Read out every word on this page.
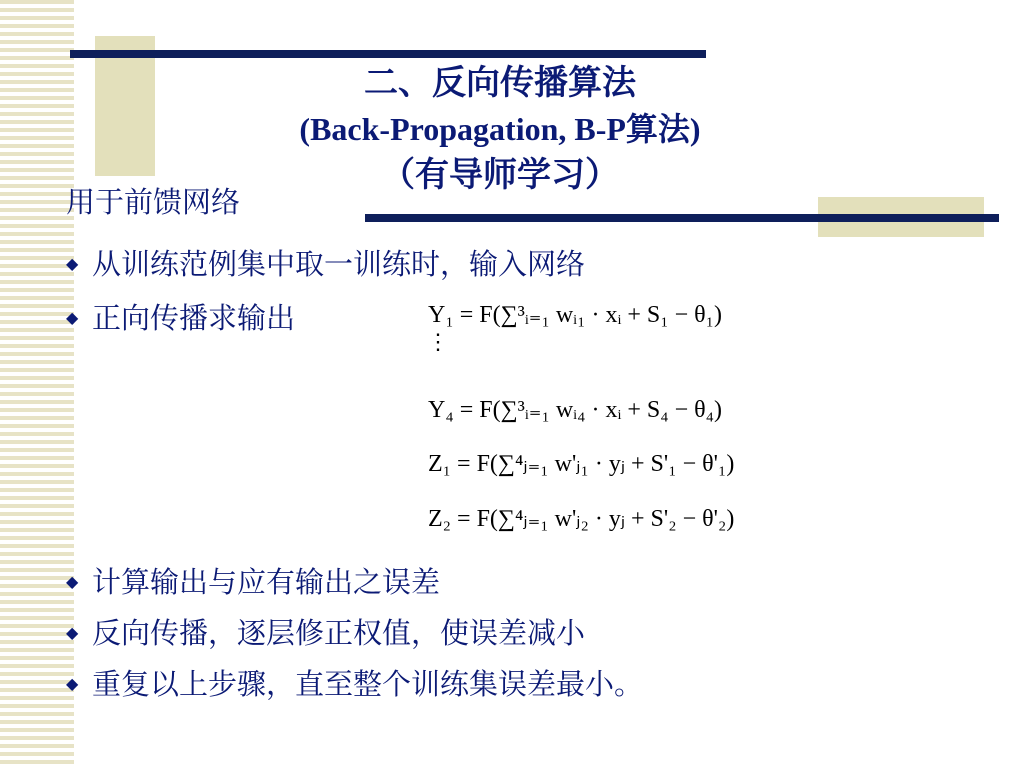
二、反向传播算法
(Back-Propagation, B-P算法)
（有导师学习）
用于前馈网络
◆ 从训练范例集中取一训练时，输入网络
◆ 正向传播求输出
◆ 计算输出与应有输出之误差
◆ 反向传播，逐层修正权值，使误差减小
◆ 重复以上步骤，直至整个训练集误差最小。
Y₁ = F(∑³ᵢ₌₁ wᵢ₁ · xᵢ + S₁ − θ₁)
⋮
Y₄ = F(∑³ᵢ₌₁ wᵢ₄ · xᵢ + S₄ − θ₄)
Z₁ = F(∑⁴ⱼ₌₁ w'ⱼ₁ · yⱼ + S'₁ − θ'₁)
Z₂ = F(∑⁴ⱼ₌₁ w'ⱼ₂ · yⱼ + S'₂ − θ'₂)
